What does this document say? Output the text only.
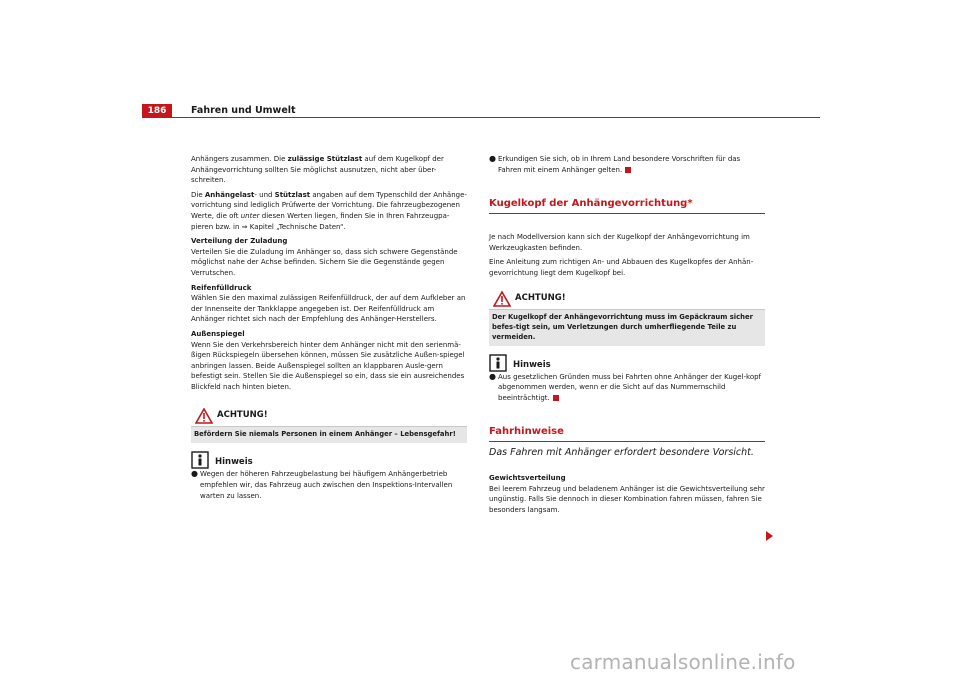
186	Fahren und Umwelt

Anhängers zusammen. Die zulässige Stützlast auf dem Kugelkopf der Anhängevorrichtung sollten Sie möglichst ausnutzen, nicht aber über-schreiten.

Die Anhängelast- und Stützlast angaben auf dem Typenschild der Anhänge-vorrichtung sind lediglich Prüfwerte der Vorrichtung. Die fahrzeugbezogenen Werte, die oft unter diesen Werten liegen, finden Sie in Ihren Fahrzeugpa-pieren bzw. in ⇒ Kapitel „Technische Daten“.

Verteilung der Zuladung

Verteilen Sie die Zuladung im Anhänger so, dass sich schwere Gegenstände möglichst nahe der Achse befinden. Sichern Sie die Gegenstände gegen Verrutschen.

Reifenfülldruck

Wählen Sie den maximal zulässigen Reifenfülldruck, der auf dem Aufkleber an der Innenseite der Tankklappe angegeben ist. Der Reifenfülldruck am Anhänger richtet sich nach der Empfehlung des Anhänger-Herstellers.

Außenspiegel

Wenn Sie den Verkehrsbereich hinter dem Anhänger nicht mit den serienmä-ßigen Rückspiegeln übersehen können, müssen Sie zusätzliche Außen-spiegel anbringen lassen. Beide Außenspiegel sollten an klappbaren Ausle-gern befestigt sein. Stellen Sie die Außenspiegel so ein, dass sie ein ausreichendes Blickfeld nach hinten bieten.

ACHTUNG!
Befördern Sie niemals Personen in einem Anhänger – Lebensgefahr!
Hinweis
● Wegen der höheren Fahrzeugbelastung bei häufigem Anhängerbetrieb empfehlen wir, das Fahrzeug auch zwischen den Inspektions-Intervallen warten zu lassen.
● Erkundigen Sie sich, ob in Ihrem Land besondere Vorschriften für das Fahren mit einem Anhänger gelten.
Kugelkopf der Anhängevorrichtung*

Je nach Modellversion kann sich der Kugelkopf der Anhängevorrichtung im Werkzeugkasten befinden.

Eine Anleitung zum richtigen An- und Abbauen des Kugelkopfes der Anhän-gevorrichtung liegt dem Kugelkopf bei.

ACHTUNG!
Der Kugelkopf der Anhängevorrichtung muss im Gepäckraum sicher befes-tigt sein, um Verletzungen durch umherfliegende Teile zu vermeiden.
Hinweis
● Aus gesetzlichen Gründen muss bei Fahrten ohne Anhänger der Kugel-kopf abgenommen werden, wenn er die Sicht auf das Nummernschild beeinträchtigt.
Fahrhinweise
Das Fahren mit Anhänger erfordert besondere Vorsicht.

Gewichtsverteilung

Bei leerem Fahrzeug und beladenem Anhänger ist die Gewichtsverteilung sehr ungünstig. Falls Sie dennoch in dieser Kombination fahren müssen, fahren Sie besonders langsam.

carmanualsonline.info
